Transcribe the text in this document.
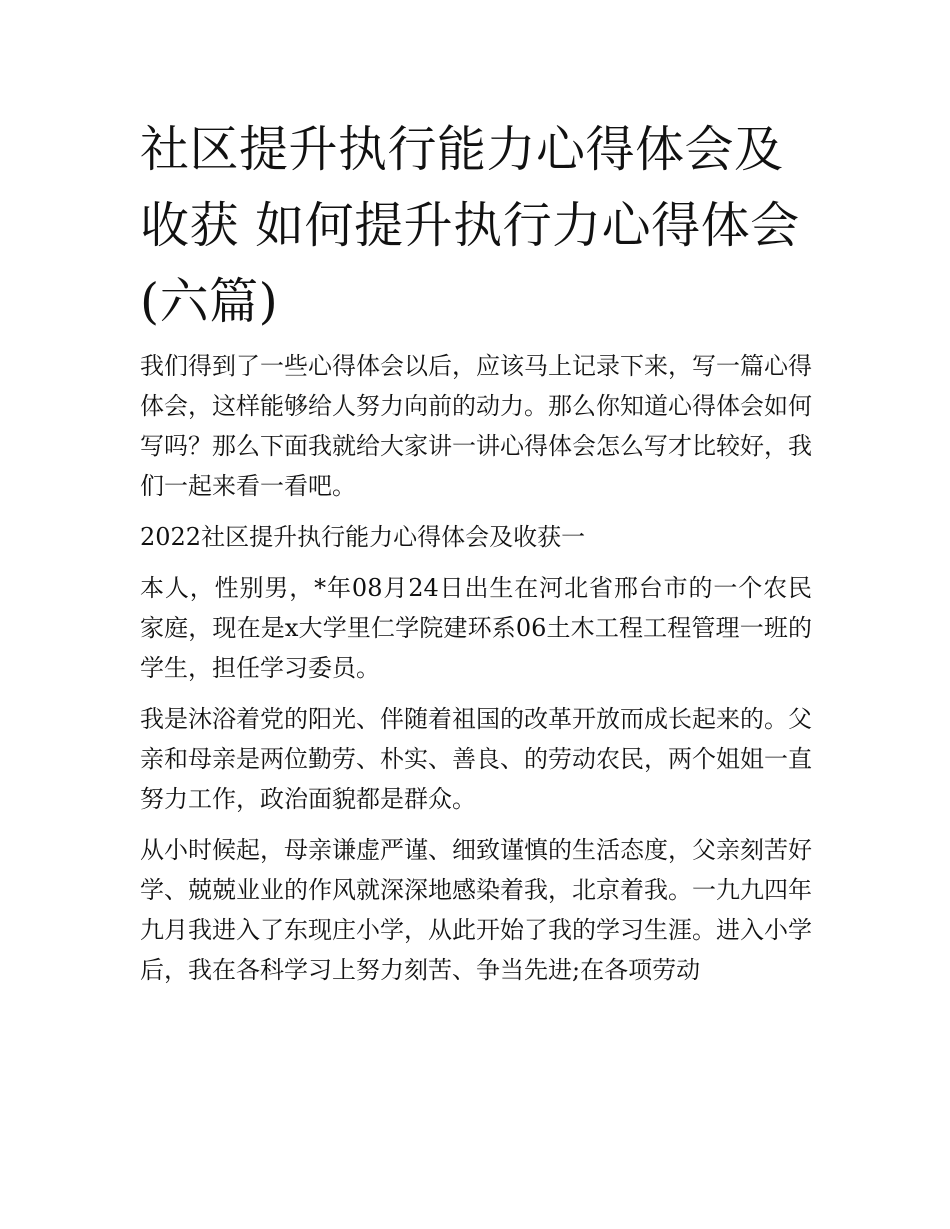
社区提升执行能力心得体会及收获 如何提升执行力心得体会(六篇)

我们得到了一些心得体会以后，应该马上记录下来，写一篇心得体会，这样能够给人努力向前的动力。那么你知道心得体会如何写吗？那么下面我就给大家讲一讲心得体会怎么写才比较好，我们一起来看一看吧。

2022社区提升执行能力心得体会及收获一

本人，性别男，*年08月24日出生在河北省邢台市的一个农民家庭，现在是x大学里仁学院建环系06土木工程工程管理一班的学生，担任学习委员。

我是沐浴着党的阳光、伴随着祖国的改革开放而成长起来的。父亲和母亲是两位勤劳、朴实、善良、的劳动农民，两个姐姐一直努力工作，政治面貌都是群众。

从小时候起，母亲谦虚严谨、细致谨慎的生活态度，父亲刻苦好学、兢兢业业的作风就深深地感染着我，北京着我。一九九四年九月我进入了东现庄小学，从此开始了我的学习生涯。进入小学后，我在各科学习上努力刻苦、争当先进;在各项劳动
